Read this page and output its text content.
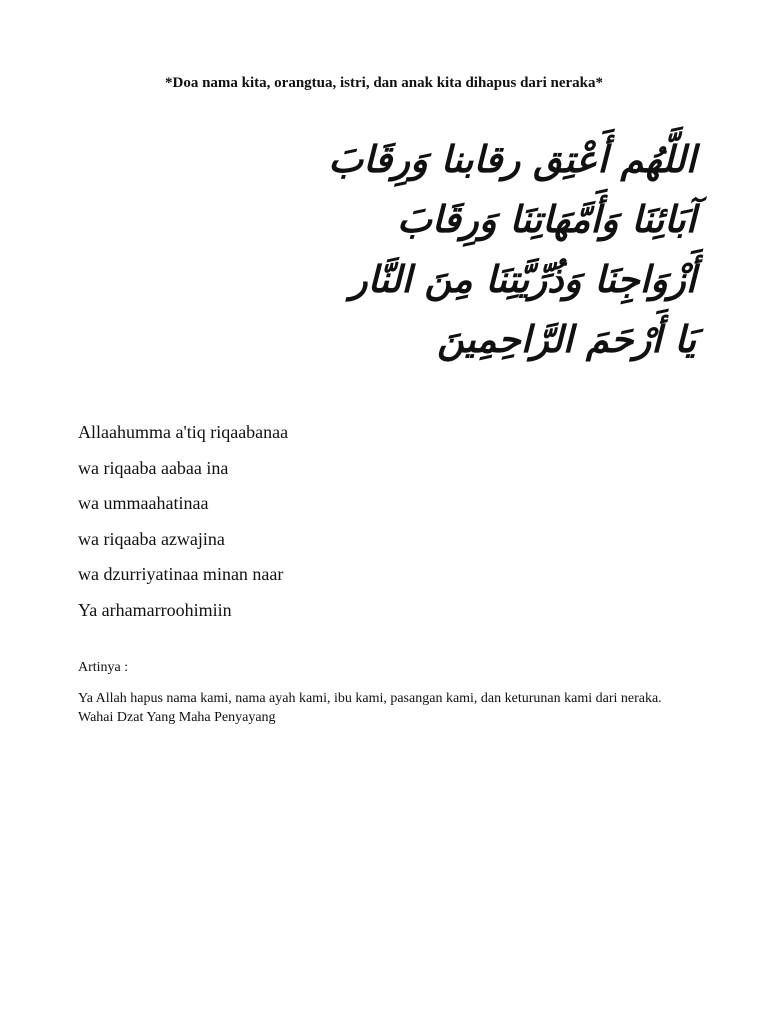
*Doa nama kita, orangtua, istri, dan anak kita dihapus dari neraka*
اللَّهُم أَعْتِق رقابنا وَرِقَابَ
آبَائِنَا وَأَمَّهَاتِنَا وَرِقَابَ
أَزْوَاجِنَا وَذُرِّيَّتِنَا مِنَ النَّار
يَا أَرْحَمَ الرَّاحِمِينَ
Allaahumma a'tiq riqaabanaa
wa riqaaba aabaa ina
wa ummaahatinaa
wa riqaaba azwajina
wa dzurriyatinaa minan naar
Ya arhamarroohimiin
Artinya :
Ya Allah hapus nama kami, nama ayah kami, ibu kami, pasangan kami, dan keturunan kami dari neraka. Wahai Dzat Yang Maha Penyayang
